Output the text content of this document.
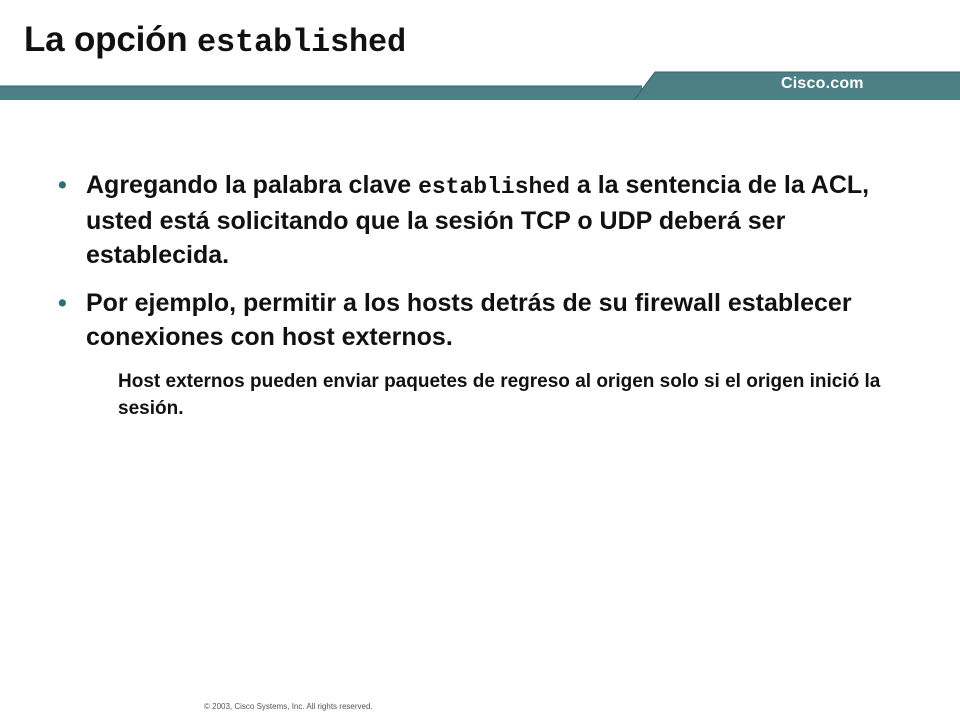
La opción established
Cisco.com
• Agregando la palabra clave established a la sentencia de la ACL, usted está solicitando que la sesión TCP o UDP deberá ser establecida.
• Por ejemplo, permitir a los hosts detrás de su firewall establecer conexiones con host externos.
Host externos pueden enviar paquetes de regreso al origen solo si el origen inició la sesión.
© 2003, Cisco Systems, Inc. All rights reserved.
